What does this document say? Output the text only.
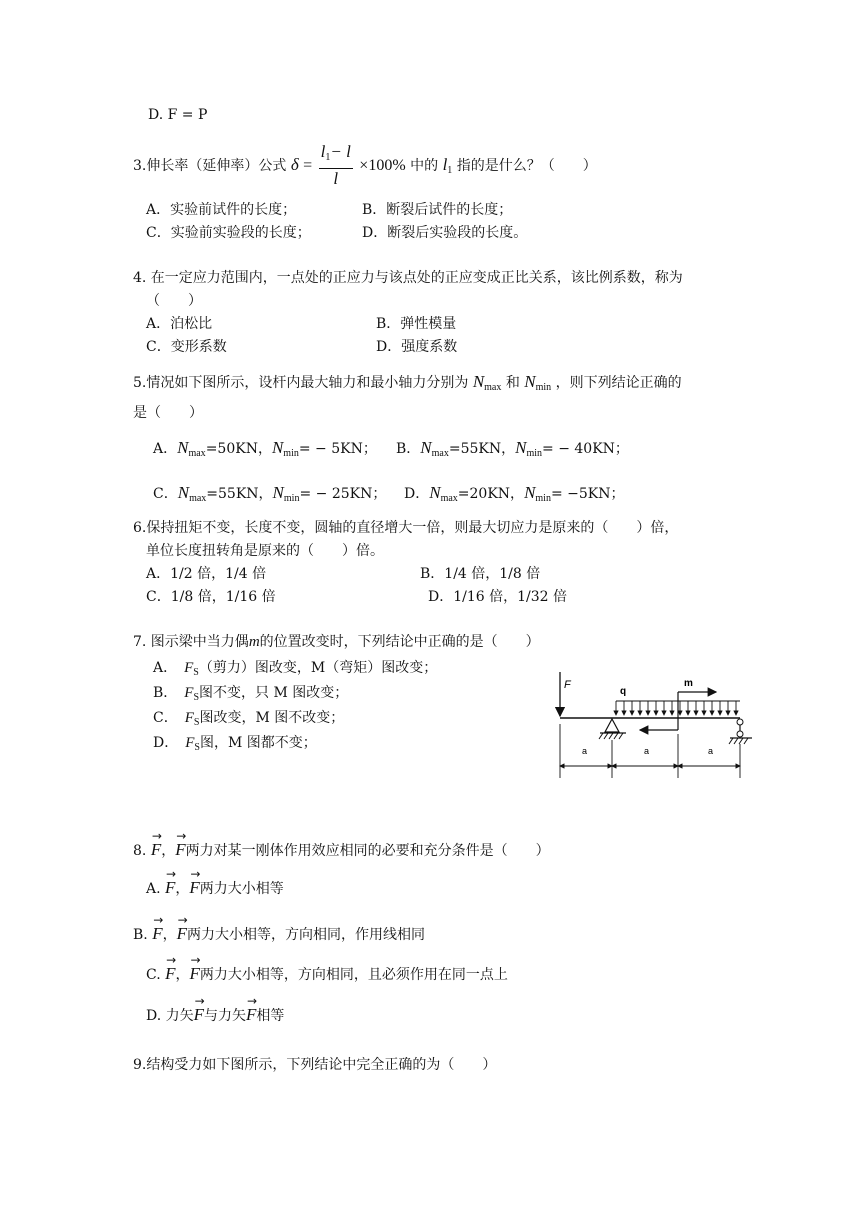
D. F = P
3.伸长率（延伸率）公式 $\delta = \frac{l_1- l}{l} \times 100\%$ 中的 $l_1$ 指的是什么？（　　）
A．实验前试件的长度；	B．断裂后试件的长度；
C．实验前实验段的长度；	D．断裂后实验段的长度。
4. 在一定应力范围内，一点处的正应力与该点处的正应变成正比关系，该比例系数，称为
（　　）
A．泊松比	B．弹性模量
C．变形系数	D．强度系数
5.情况如下图所示，设杆内最大轴力和最小轴力分别为 $N_{max}$ 和 $N_{min}$ ，则下列结论正确的
是（　　）
A．$N_{max}=50KN$，$N_{min}= - 5KN$； B．$N_{max}=55KN$，$N_{min}= - 40KN$；
C．$N_{max}=55KN$，$N_{min}= - 25KN$； D．$N_{max}=20KN$，$N_{min}= -5KN$；
6.保持扭矩不变，长度不变，圆轴的直径增大一倍，则最大切应力是原来的（　　）倍，
单位长度扭转角是原来的（　　）倍。
A．1/2 倍，1/4 倍	B．1/4 倍，1/8 倍
C．1/8 倍，1/16 倍	D．1/16 倍，1/32 倍
7. 图示梁中当力偶m的位置改变时，下列结论中正确的是（　　）
A．　 $F_S$（剪力）图改变，M（弯矩）图改变；
B．　 $F_S$图不变，只 M 图改变；
C．　 $F_S$图改变，M 图不改变；
D．　 $F_S$图，M 图都不变；
F
q
m
a	a	a
8.
→
F，
→
F两力对某一刚体作用效应相同的必要和充分条件是（　　）
A.
→
F，
→
F两力大小相等
B.
→
F，
→
F两力大小相等，方向相同，作用线相同
C.
→
F，
→
F两力大小相等，方向相同，且必须作用在同一点上
D. 力矢
→
F与力矢
→
F相等
9.结构受力如下图所示，下列结论中完全正确的为（　　）
